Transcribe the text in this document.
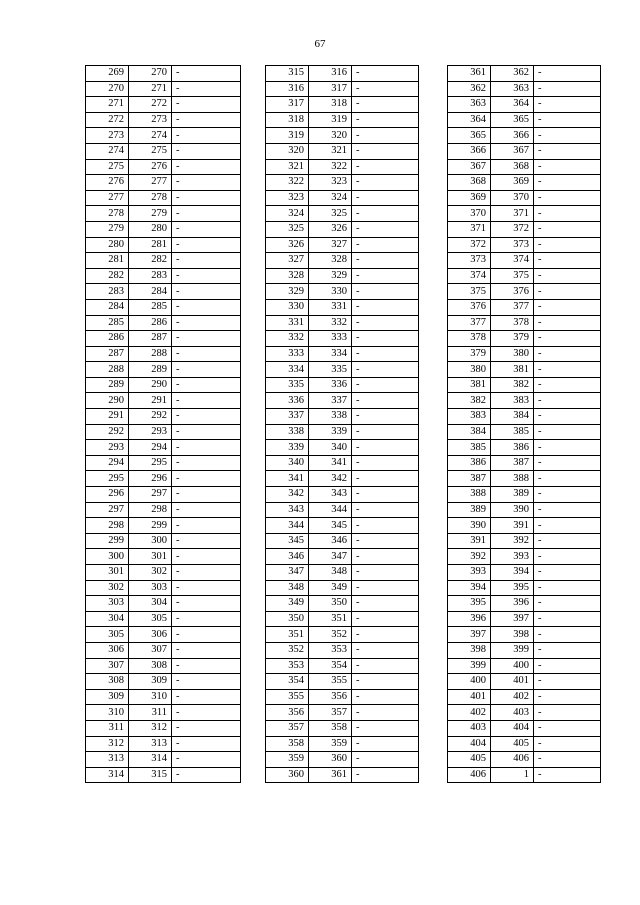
67
269	270	-
270	271	-
271	272	-
272	273	-
273	274	-
274	275	-
275	276	-
276	277	-
277	278	-
278	279	-
279	280	-
280	281	-
281	282	-
282	283	-
283	284	-
284	285	-
285	286	-
286	287	-
287	288	-
288	289	-
289	290	-
290	291	-
291	292	-
292	293	-
293	294	-
294	295	-
295	296	-
296	297	-
297	298	-
298	299	-
299	300	-
300	301	-
301	302	-
302	303	-
303	304	-
304	305	-
305	306	-
306	307	-
307	308	-
308	309	-
309	310	-
310	311	-
311	312	-
312	313	-
313	314	-
314	315	-
315	316	-
316	317	-
317	318	-
318	319	-
319	320	-
320	321	-
321	322	-
322	323	-
323	324	-
324	325	-
325	326	-
326	327	-
327	328	-
328	329	-
329	330	-
330	331	-
331	332	-
332	333	-
333	334	-
334	335	-
335	336	-
336	337	-
337	338	-
338	339	-
339	340	-
340	341	-
341	342	-
342	343	-
343	344	-
344	345	-
345	346	-
346	347	-
347	348	-
348	349	-
349	350	-
350	351	-
351	352	-
352	353	-
353	354	-
354	355	-
355	356	-
356	357	-
357	358	-
358	359	-
359	360	-
360	361	-
361	362	-
362	363	-
363	364	-
364	365	-
365	366	-
366	367	-
367	368	-
368	369	-
369	370	-
370	371	-
371	372	-
372	373	-
373	374	-
374	375	-
375	376	-
376	377	-
377	378	-
378	379	-
379	380	-
380	381	-
381	382	-
382	383	-
383	384	-
384	385	-
385	386	-
386	387	-
387	388	-
388	389	-
389	390	-
390	391	-
391	392	-
392	393	-
393	394	-
394	395	-
395	396	-
396	397	-
397	398	-
398	399	-
399	400	-
400	401	-
401	402	-
402	403	-
403	404	-
404	405	-
405	406	-
406	1	-
